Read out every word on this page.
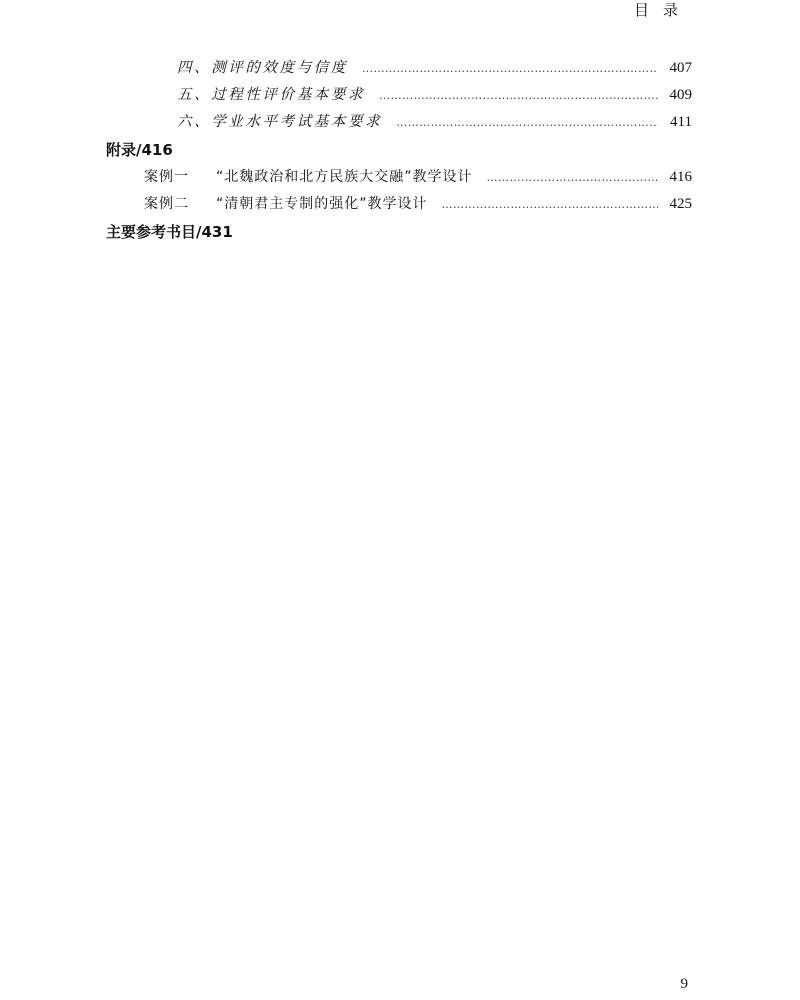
目录
四、测评的效度与信度 …………………………………………………………………………………………………………	407
五、过程性评价基本要求 …………………………………………………………………………………………………………	409
六、学业水平考试基本要求 …………………………………………………………………………………………………………	411
附录/416
案例一 “北魏政治和北方民族大交融”教学设计 …………………………………………………………………………………………………………	416
案例二 “清朝君主专制的强化”教学设计 …………………………………………………………………………………………………………	425
主要参考书目/431
9
